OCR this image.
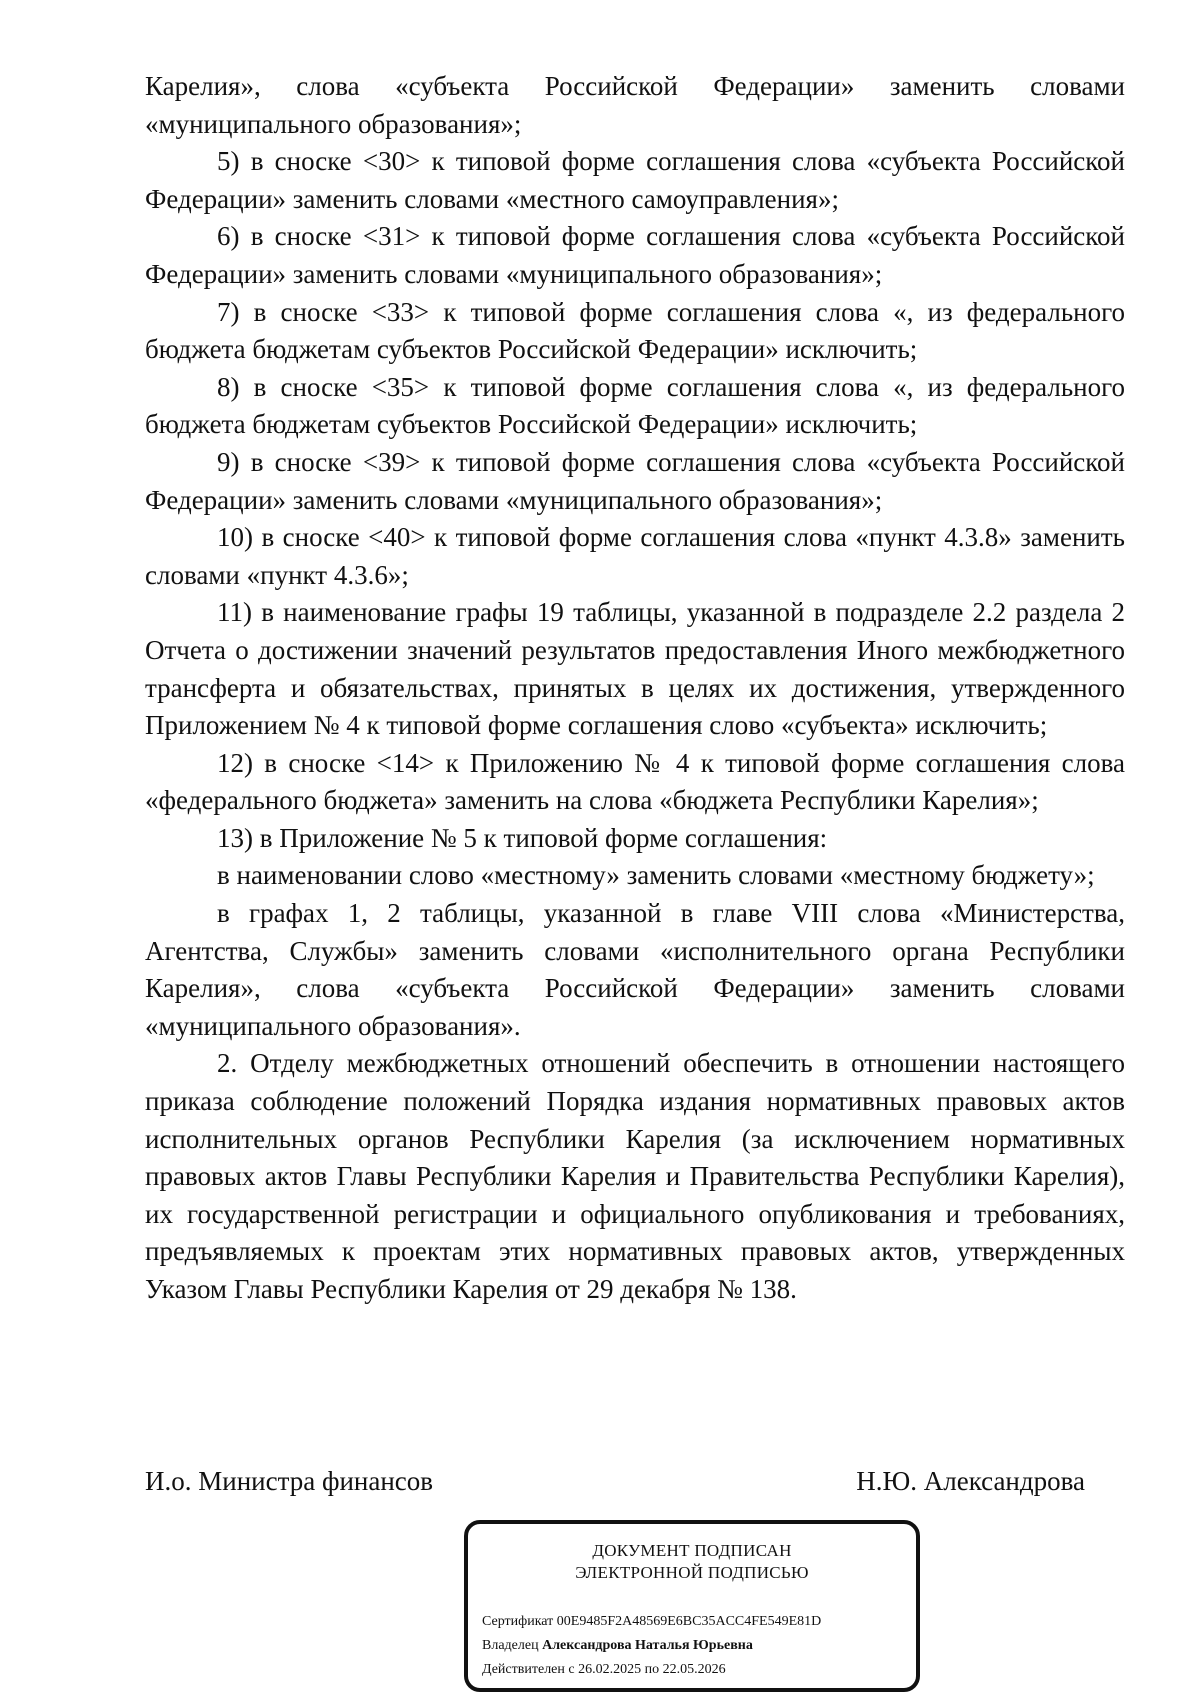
Карелия», слова «субъекта Российской Федерации» заменить словами «муниципального образования»;

5) в сноске <30> к типовой форме соглашения слова «субъекта Российской Федерации» заменить словами «местного самоуправления»;

6) в сноске <31> к типовой форме соглашения слова «субъекта Российской Федерации» заменить словами «муниципального образования»;

7) в сноске <33> к типовой форме соглашения слова «, из федерального бюджета бюджетам субъектов Российской Федерации» исключить;

8) в сноске <35> к типовой форме соглашения слова «, из федерального бюджета бюджетам субъектов Российской Федерации» исключить;

9) в сноске <39> к типовой форме соглашения слова «субъекта Российской Федерации» заменить словами «муниципального образования»;

10) в сноске <40> к типовой форме соглашения слова «пункт 4.3.8» заменить словами «пункт 4.3.6»;

11) в наименование графы 19 таблицы, указанной в подразделе 2.2 раздела 2 Отчета о достижении значений результатов предоставления Иного межбюджетного трансферта и обязательствах, принятых в целях их достижения, утвержденного Приложением № 4 к типовой форме соглашения слово «субъекта» исключить;

12) в сноске <14> к Приложению № 4 к типовой форме соглашения слова «федерального бюджета» заменить на слова «бюджета Республики Карелия»;

13) в Приложение № 5 к типовой форме соглашения:

в наименовании слово «местному» заменить словами «местному бюджету»;

в графах 1, 2 таблицы, указанной в главе VIII слова «Министерства, Агентства, Службы» заменить словами «исполнительного органа Республики Карелия», слова «субъекта Российской Федерации» заменить словами «муниципального образования».

2. Отделу межбюджетных отношений обеспечить в отношении настоящего приказа соблюдение положений Порядка издания нормативных правовых актов исполнительных органов Республики Карелия (за исключением нормативных правовых актов Главы Республики Карелия и Правительства Республики Карелия), их государственной регистрации и официального опубликования и требованиях, предъявляемых к проектам этих нормативных правовых актов, утвержденных Указом Главы Республики Карелия от 29 декабря № 138.

И.о. Министра финансов	Н.Ю. Александрова
ДОКУМЕНТ ПОДПИСАН
ЭЛЕКТРОННОЙ ПОДПИСЬЮ
Сертификат 00E9485F2A48569E6BC35ACC4FE549E81D
Владелец Александрова Наталья Юрьевна
Действителен с 26.02.2025 по 22.05.2026
